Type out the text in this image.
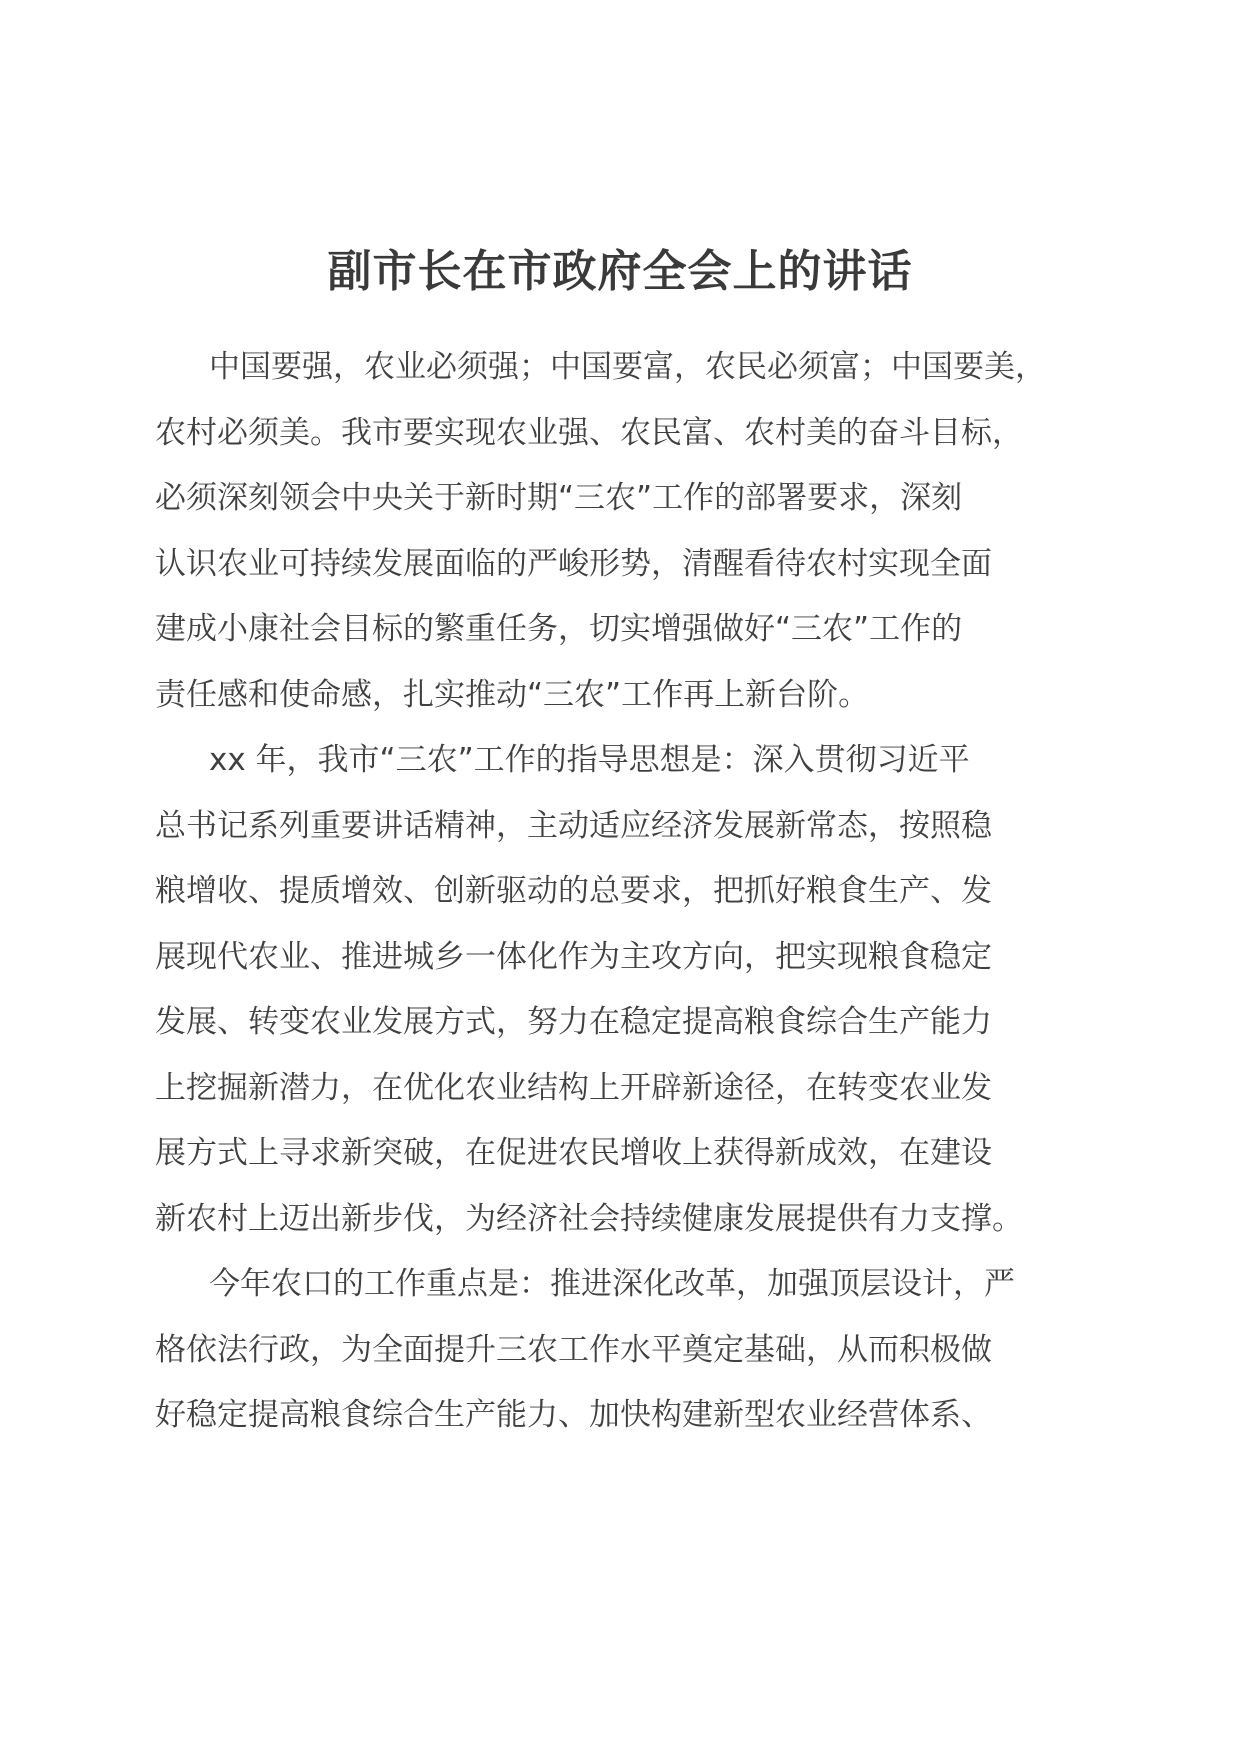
副市长在市政府全会上的讲话

中国要强，农业必须强；中国要富，农民必须富；中国要美，
农村必须美。我市要实现农业强、农民富、农村美的奋斗目标，
必须深刻领会中央关于新时期“三农”工作的部署要求，深刻
认识农业可持续发展面临的严峻形势，清醒看待农村实现全面
建成小康社会目标的繁重任务，切实增强做好“三农”工作的
责任感和使命感，扎实推动“三农”工作再上新台阶。

xx 年，我市“三农”工作的指导思想是：深入贯彻习近平
总书记系列重要讲话精神，主动适应经济发展新常态，按照稳
粮增收、提质增效、创新驱动的总要求，把抓好粮食生产、发
展现代农业、推进城乡一体化作为主攻方向，把实现粮食稳定
发展、转变农业发展方式，努力在稳定提高粮食综合生产能力
上挖掘新潜力，在优化农业结构上开辟新途径，在转变农业发
展方式上寻求新突破，在促进农民增收上获得新成效，在建设
新农村上迈出新步伐，为经济社会持续健康发展提供有力支撑。

今年农口的工作重点是：推进深化改革，加强顶层设计，严
格依法行政，为全面提升三农工作水平奠定基础，从而积极做
好稳定提高粮食综合生产能力、加快构建新型农业经营体系、
